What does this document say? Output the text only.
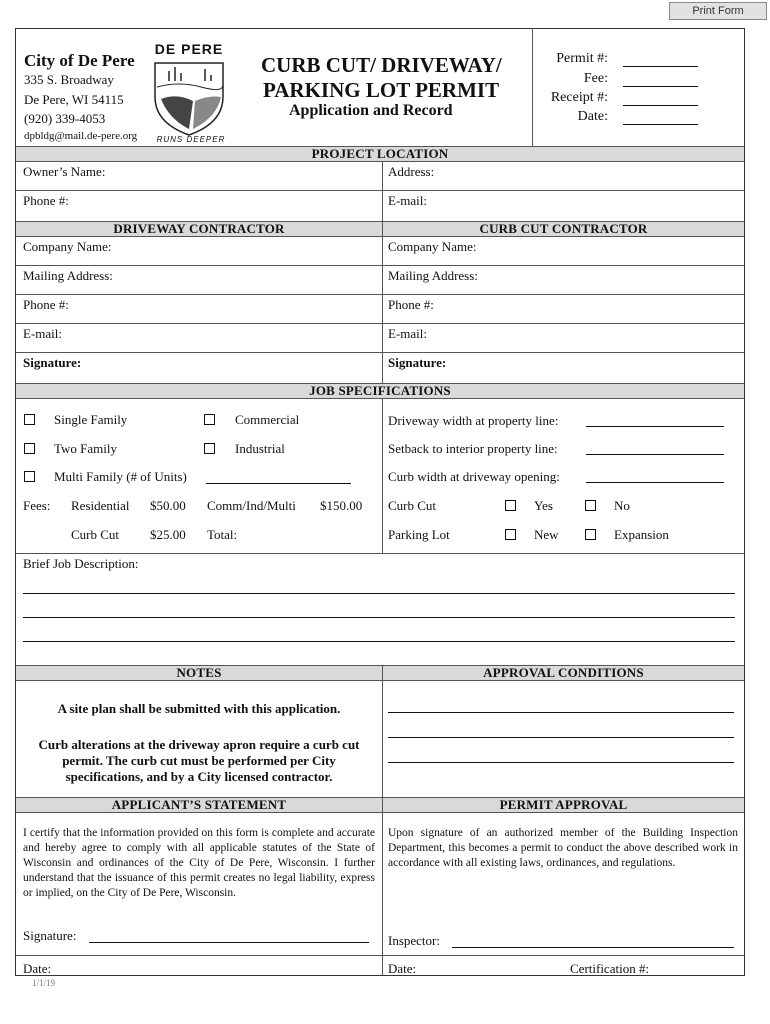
Print Form
City of De Pere
335 S. Broadway
De Pere, WI 54115
(920) 339-4053
dpbldg@mail.de-pere.org
DE PERE
RUNS DEEPER
CURB CUT/ DRIVEWAY/
PARKING LOT PERMIT
Application and Record
Permit #:
Fee:
Receipt #:
Date:
PROJECT LOCATION
Owner’s Name:	Address:
Phone #:	E-mail:
DRIVEWAY CONTRACTOR	CURB CUT CONTRACTOR
Company Name:	Company Name:
Mailing Address:	Mailing Address:
Phone #:	Phone #:
E-mail:	E-mail:
Signature:	Signature:
JOB SPECIFICATIONS
Single Family	Commercial
Two Family	Industrial
Multi Family (# of Units)
Fees: Residential $50.00 Comm/Ind/Multi $150.00
Curb Cut $25.00 Total:
Driveway width at property line:
Setback to interior property line:
Curb width at driveway opening:
Curb Cut	Yes	No
Parking Lot	New	Expansion
Brief Job Description:
NOTES	APPROVAL CONDITIONS
A site plan shall be submitted with this application.
Curb alterations at the driveway apron require a curb cut
permit. The curb cut must be performed per City
specifications, and by a City licensed contractor.
APPLICANT’S STATEMENT	PERMIT APPROVAL
I certify that the information provided on this form is complete and accurate and hereby agree to comply with all applicable statutes of the State of Wisconsin and ordinances of the City of De Pere, Wisconsin. I further understand that the issuance of this permit creates no legal liability, express or implied, on the City of De Pere, Wisconsin.
Signature:
Date:
Upon signature of an authorized member of the Building Inspection Department, this becomes a permit to conduct the above described work in accordance with all existing laws, ordinances, and regulations.
Inspector:
Date:	Certification #:
1/1/19
